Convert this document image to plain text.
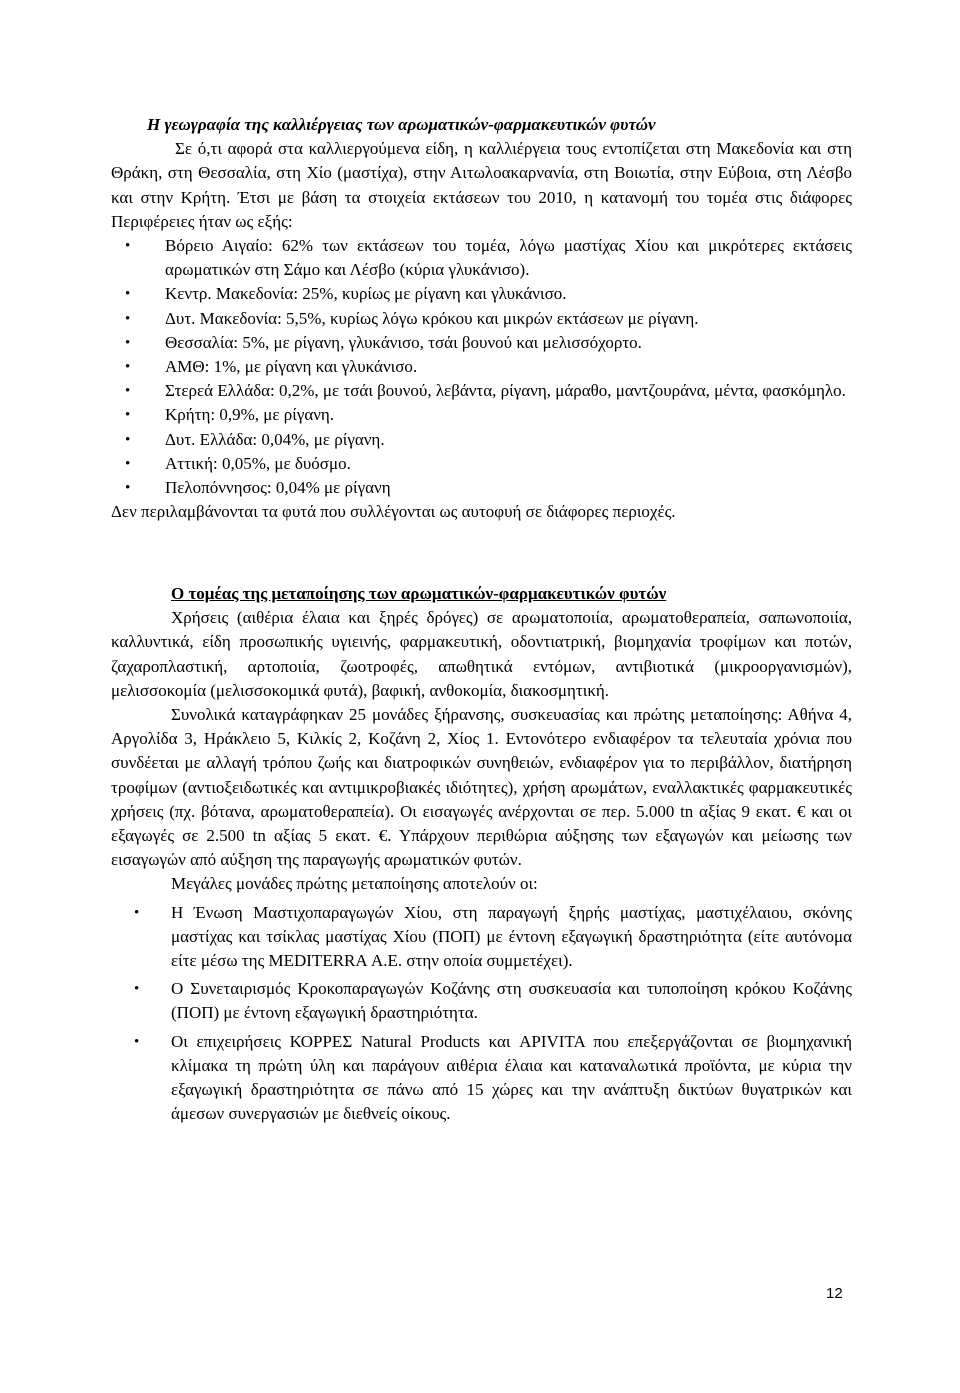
Η γεωγραφία της καλλιέργειας των αρωματικών-φαρμακευτικών φυτών

Σε ό,τι αφορά στα καλλιεργούμενα είδη, η καλλιέργεια τους εντοπίζεται στη Μακεδονία και στη Θράκη, στη Θεσσαλία, στη Χίο (μαστίχα), στην Αιτωλοακαρνανία, στη Βοιωτία, στην Εύβοια, στη Λέσβο και στην Κρήτη. Έτσι με βάση τα στοιχεία εκτάσεων του 2010, η κατανομή του τομέα στις διάφορες Περιφέρειες ήταν ως εξής:

• Βόρειο Αιγαίο: 62% των εκτάσεων του τομέα, λόγω μαστίχας Χίου και μικρότερες εκτάσεις αρωματικών στη Σάμο και Λέσβο (κύρια γλυκάνισο).
• Κεντρ. Μακεδονία: 25%, κυρίως με ρίγανη και γλυκάνισο.
• Δυτ. Μακεδονία: 5,5%, κυρίως λόγω κρόκου και μικρών εκτάσεων με ρίγανη.
• Θεσσαλία: 5%, με ρίγανη, γλυκάνισο, τσάι βουνού και μελισσόχορτο.
• ΑΜΘ: 1%, με ρίγανη και γλυκάνισο.
• Στερεά Ελλάδα: 0,2%, με τσάι βουνού, λεβάντα, ρίγανη, μάραθο, μαντζουράνα, μέντα, φασκόμηλο.
• Κρήτη: 0,9%, με ρίγανη.
• Δυτ. Ελλάδα: 0,04%, με ρίγανη.
• Αττική: 0,05%, με δυόσμο.
• Πελοπόννησος: 0,04% με ρίγανη

Δεν περιλαμβάνονται τα φυτά που συλλέγονται ως αυτοφυή σε διάφορες περιοχές.

Ο τομέας της μεταποίησης των αρωματικών-φαρμακευτικών φυτών

Χρήσεις (αιθέρια έλαια και ξηρές δρόγες) σε αρωματοποιία, αρωματοθεραπεία, σαπωνοποιία, καλλυντικά, είδη προσωπικής υγιεινής, φαρμακευτική, οδοντιατρική, βιομηχανία τροφίμων και ποτών, ζαχαροπλαστική, αρτοποιία, ζωοτροφές, απωθητικά εντόμων, αντιβιοτικά (μικροοργανισμών), μελισσοκομία (μελισσοκομικά φυτά), βαφική, ανθοκομία, διακοσμητική.

Συνολικά καταγράφηκαν 25 μονάδες ξήρανσης, συσκευασίας και πρώτης μεταποίησης: Αθήνα 4, Αργολίδα 3, Ηράκλειο 5, Κιλκίς 2, Κοζάνη 2, Χίος 1. Εντονότερο ενδιαφέρον τα τελευταία χρόνια που συνδέεται με αλλαγή τρόπου ζωής και διατροφικών συνηθειών, ενδιαφέρον για το περιβάλλον, διατήρηση τροφίμων (αντιοξειδωτικές και αντιμικροβιακές ιδιότητες), χρήση αρωμάτων, εναλλακτικές φαρμακευτικές χρήσεις (πχ. βότανα, αρωματοθεραπεία). Οι εισαγωγές ανέρχονται σε περ. 5.000 tn αξίας 9 εκατ. € και οι εξαγωγές σε 2.500 tn αξίας 5 εκατ. €. Υπάρχουν περιθώρια αύξησης των εξαγωγών και μείωσης των εισαγωγών από αύξηση της παραγωγής αρωματικών φυτών.

Μεγάλες μονάδες πρώτης μεταποίησης αποτελούν οι:

• Η Ένωση Μαστιχοπαραγωγών Χίου, στη παραγωγή ξηρής μαστίχας, μαστιχέλαιου, σκόνης μαστίχας και τσίκλας μαστίχας Χίου (ΠΟΠ) με έντονη εξαγωγική δραστηριότητα (είτε αυτόνομα είτε μέσω της MEDITERRA Α.Ε. στην οποία συμμετέχει).
• Ο Συνεταιρισμός Κροκοπαραγωγών Κοζάνης στη συσκευασία και τυποποίηση κρόκου Κοζάνης (ΠΟΠ) με έντονη εξαγωγική δραστηριότητα.
• Οι επιχειρήσεις ΚΟΡΡΕΣ Natural Products και APIVITA που επεξεργάζονται σε βιομηχανική κλίμακα τη πρώτη ύλη και παράγουν αιθέρια έλαια και καταναλωτικά προϊόντα, με κύρια την εξαγωγική δραστηριότητα σε πάνω από 15 χώρες και την ανάπτυξη δικτύων θυγατρικών και άμεσων συνεργασιών με διεθνείς οίκους.
12
